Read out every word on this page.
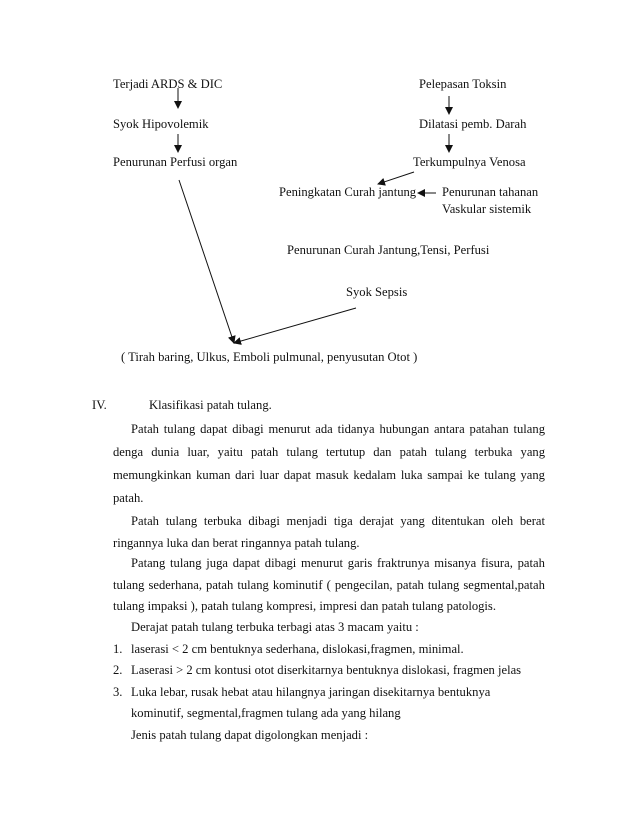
Terjadi ARDS & DIC
Syok Hipovolemik
Penurunan Perfusi organ
Pelepasan Toksin
Dilatasi pemb. Darah
Terkumpulnya Venosa
Peningkatan Curah jantung Penurunan tahanan
Vaskular sistemik
Penurunan Curah Jantung,Tensi, Perfusi
Syok Sepsis
( Tirah baring, Ulkus, Emboli pulmunal, penyusutan Otot )
IV.	Klasifikasi patah tulang.
Patah tulang dapat dibagi menurut ada tidanya hubungan antara patahan tulang
denga dunia luar, yaitu patah tulang tertutup dan patah tulang terbuka yang
memungkinkan kuman dari luar dapat masuk kedalam luka sampai ke tulang yang
patah.
Patah tulang terbuka dibagi menjadi tiga derajat yang ditentukan oleh berat
ringannya luka dan berat ringannya patah tulang.
Patang tulang juga dapat dibagi menurut garis fraktrunya misanya fisura, patah
tulang sederhana, patah tulang kominutif ( pengecilan, patah tulang segmental,patah
tulang impaksi ), patah tulang kompresi, impresi dan patah tulang patologis.
Derajat patah tulang terbuka terbagi atas 3 macam yaitu :
1. laserasi < 2 cm bentuknya sederhana, dislokasi,fragmen, minimal.
2. Laserasi > 2 cm kontusi otot diserkitarnya bentuknya dislokasi, fragmen jelas
3. Luka lebar, rusak hebat atau hilangnya jaringan disekitarnya bentuknya
kominutif, segmental,fragmen tulang ada yang hilang
Jenis patah tulang dapat digolongkan menjadi :
